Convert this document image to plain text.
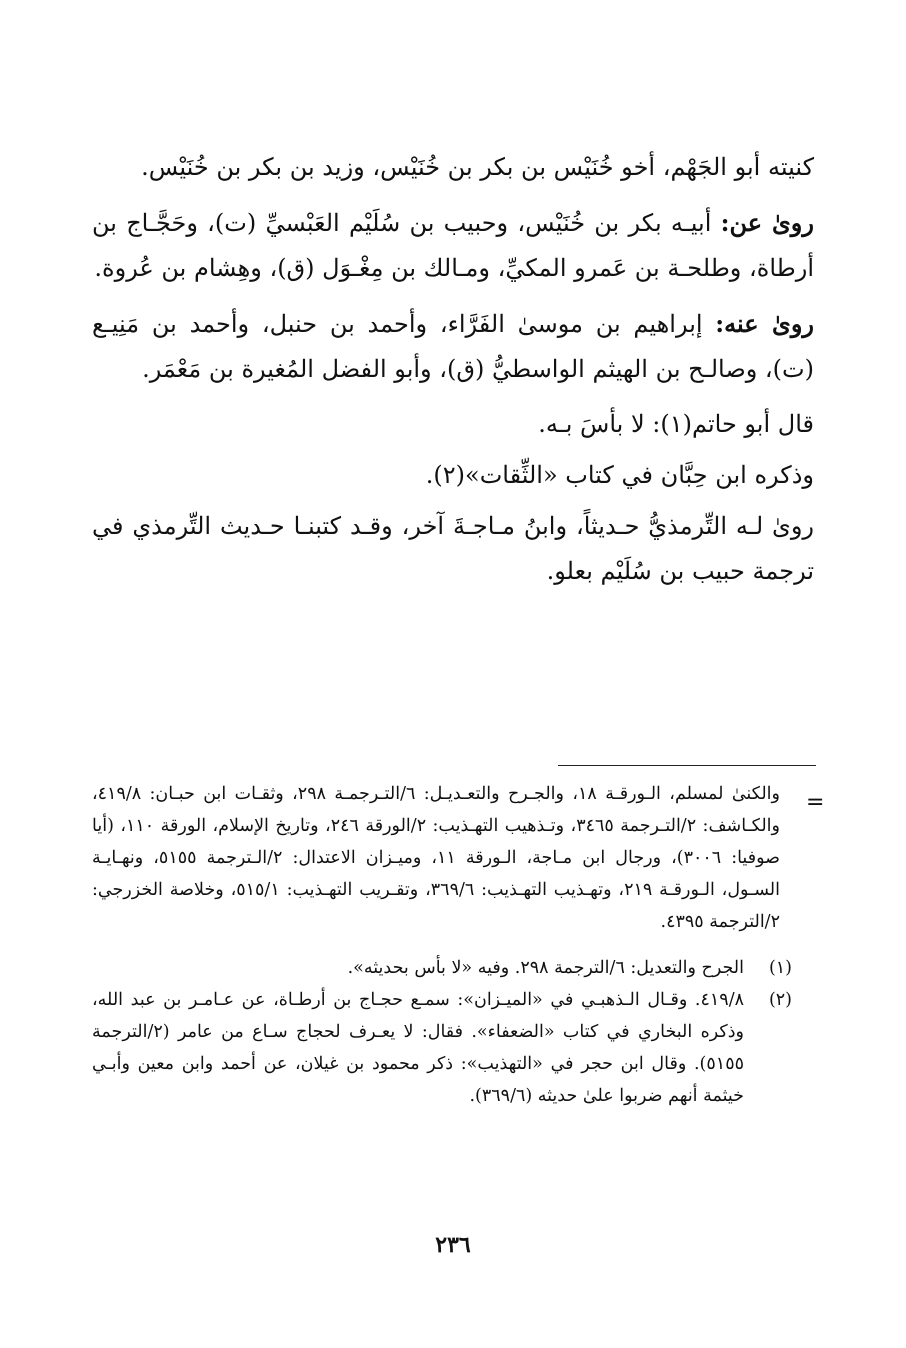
كنيته أبو الجَهْم، أخو خُنَيْس بن بكر بن خُنَيْس، وزيد بن بكر بن خُنَيْس.

روىٰ عن: أبيـه بكر بن خُنَيْس، وحبيب بن سُلَيْم العَبْسيِّ (ت)، وحَجَّـاج بن أرطاة، وطلحـة بن عَمرو المكيِّ، ومـالك بن مِغْـوَل (ق)، وهِشام بن عُروة.

روىٰ عنه: إبراهيم بن موسىٰ الفَرَّاء، وأحمد بن حنبل، وأحمد بن مَنِيـع (ت)، وصالـح بن الهيثم الواسطيُّ (ق)، وأبو الفضل المُغيرة بن مَعْمَر.

قال أبو حاتم(١): لا بأسَ بـه.

وذكره ابن حِبَّان في كتاب «الثِّقات»(٢).

روىٰ لـه التِّرمذيُّ حـديثاً، وابنُ مـاجـةَ آخر، وقـد كتبنـا حـديث التِّرمذي في ترجمة حبيب بن سُلَيْم بعلو.

=

والكنىٰ لمسلم، الـورقـة ١٨، والجـرح والتعـديـل: ٦/التـرجمـة ٢٩٨، وثقـات ابن حبـان: ٤١٩/٨، والكـاشف: ٢/التـرجمة ٣٤٦٥، وتـذهيب التهـذيب: ٢/الورقة ٢٤٦، وتاريخ الإسلام، الورقة ١١٠، (أيا صوفيا: ٣٠٠٦)، ورجال ابن مـاجة، الـورقة ١١، وميـزان الاعتدال: ٢/الـترجمة ٥١٥٥، ونهـايـة السـول، الـورقـة ٢١٩، وتهـذيب التهـذيب: ٣٦٩/٦، وتقـريب التهـذيب: ٥١٥/١، وخلاصة الخزرجي: ٢/الترجمة ٤٣٩٥.

(١)
الجرح والتعديل: ٦/الترجمة ٢٩٨. وفيه «لا بأس بحديثه».
(٢)
٤١٩/٨. وقـال الـذهبـي في «الميـزان»: سمـع حجـاج بن أرطـاة، عن عـامـر بن عبد الله، وذكره البخاري في كتاب «الضعفاء». فقال: لا يعـرف لحجاج سـاع من عامر (٢/الترجمة ٥١٥٥). وقال ابن حجر في «التهذيب»: ذكر محمود بن غيلان، عن أحمد وابن معين وأبـي خيثمة أنهم ضربوا علىٰ حديثه (٣٦٩/٦).
٢٣٦
